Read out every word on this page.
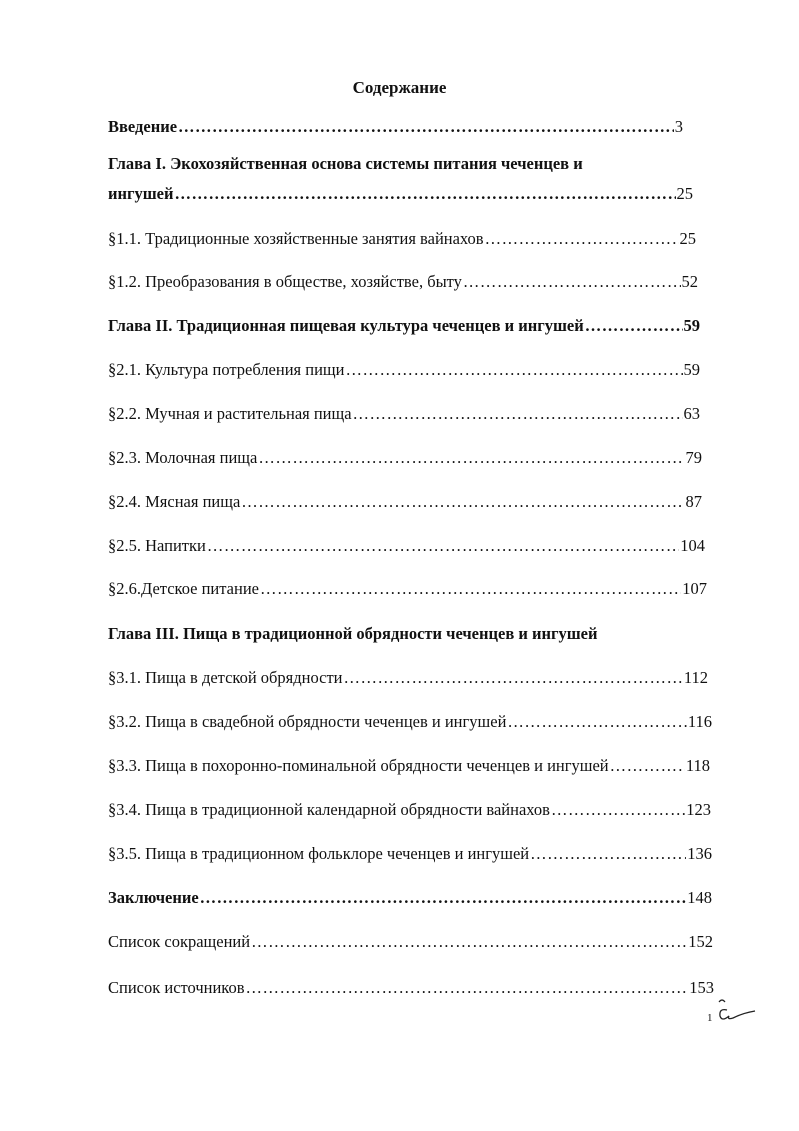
Содержание
Введение ……………………………………………………………………………………………………………………………………………………………………………	3
Глава I. Экохозяйственная основа системы питания чеченцев и
ингушей ……………………………………………………………………………………………………………………………………………………………………………	25
§1.1. Традиционные хозяйственные занятия вайнахов ……………………………………………………………………………………………………………………………………………………………………………	25
§1.2. Преобразования в обществе, хозяйстве, быту ……………………………………………………………………………………………………………………………………………………………………………	52
Глава II. Традиционная пищевая культура чеченцев и ингушей ……………………………………………………………………………………………………………………………………………………………………………	59
§2.1. Культура потребления пищи ……………………………………………………………………………………………………………………………………………………………………………	59
§2.2. Мучная и растительная пища ……………………………………………………………………………………………………………………………………………………………………………	63
§2.3. Молочная пища ……………………………………………………………………………………………………………………………………………………………………………	79
§2.4. Мясная пища ……………………………………………………………………………………………………………………………………………………………………………	87
§2.5. Напитки ……………………………………………………………………………………………………………………………………………………………………………	104
§2.6.Детское питание ……………………………………………………………………………………………………………………………………………………………………………	107
Глава III. Пища в традиционной обрядности чеченцев и ингушей
§3.1. Пища в детской обрядности ……………………………………………………………………………………………………………………………………………………………………………	112
§3.2. Пища в свадебной обрядности чеченцев и ингушей ……………………………………………………………………………………………………………………………………………………………………………	116
§3.3. Пища в похоронно-поминальной обрядности чеченцев и ингушей ……………………………………………………………………………………………………………………………………………………………………………	118
§3.4. Пища в традиционной календарной обрядности вайнахов ……………………………………………………………………………………………………………………………………………………………………………	123
§3.5. Пища в традиционном фольклоре чеченцев и ингушей ……………………………………………………………………………………………………………………………………………………………………………	136
Заключение ……………………………………………………………………………………………………………………………………………………………………………	148
Список сокращений ……………………………………………………………………………………………………………………………………………………………………………	152
Список источников ……………………………………………………………………………………………………………………………………………………………………………	153
1
